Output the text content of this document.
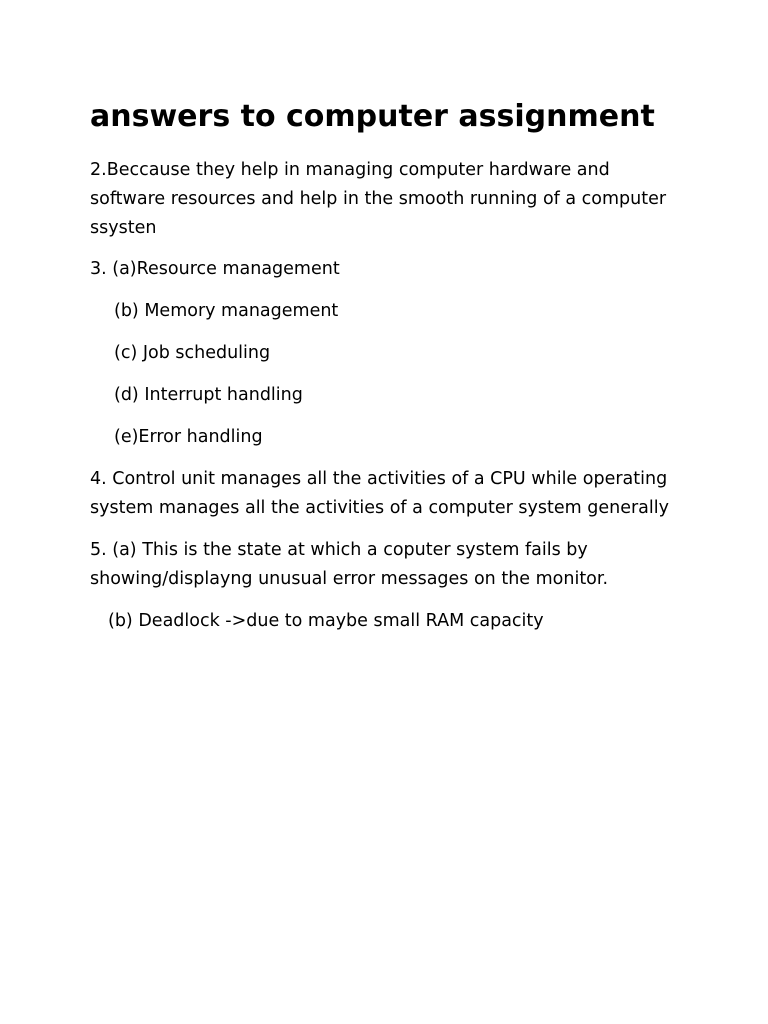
answers to computer assignment

2.Beccause they help in managing computer hardware and
software resources and help in the smooth running of a computer
ssysten

3. (a)Resource management

(b) Memory management

(c) Job scheduling

(d) Interrupt handling

(e)Error handling

4. Control unit manages all the activities of a CPU while operating
system manages all the activities of a computer system generally

5. (a) This is the state at which a coputer system fails by
showing/displayng unusual error messages on the monitor.

(b) Deadlock ->due to maybe small RAM capacity
